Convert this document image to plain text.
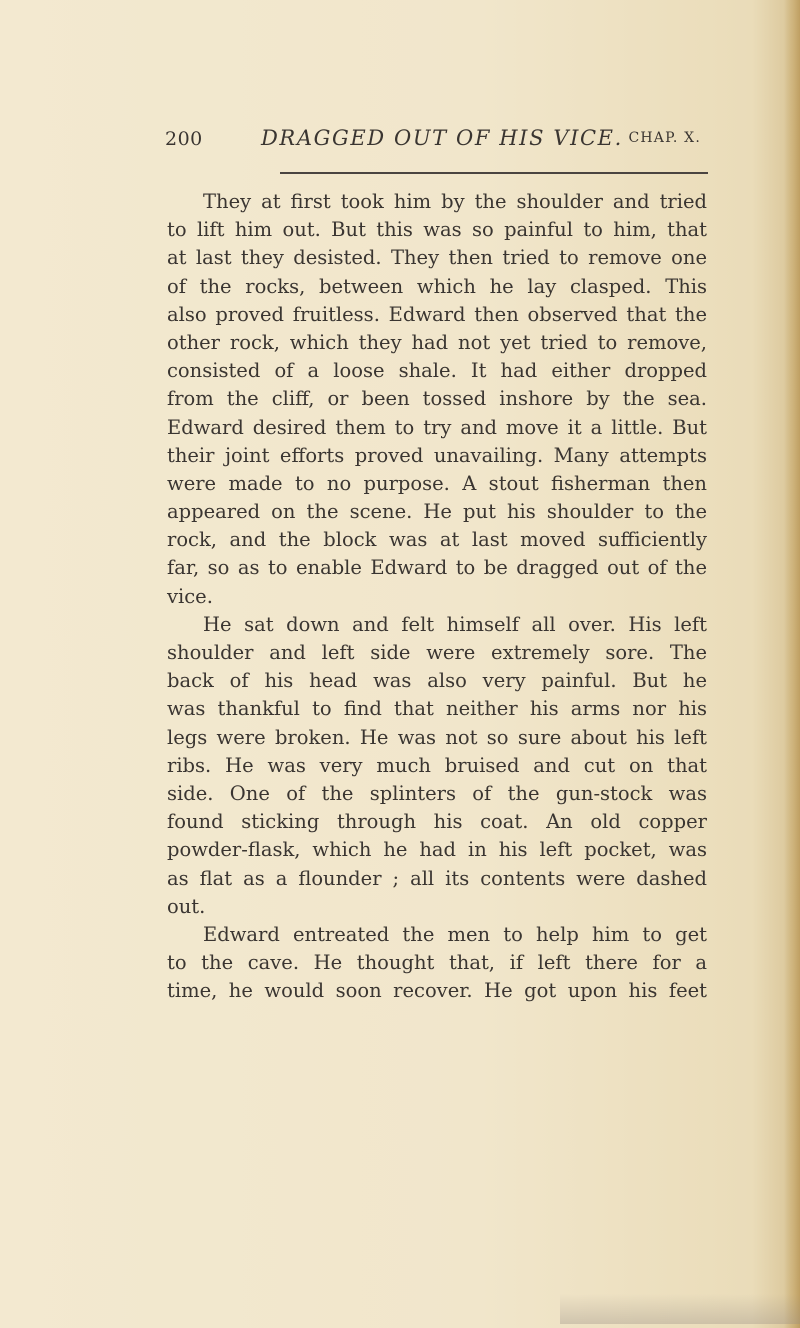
200	DRAGGED OUT OF HIS VICE. CHAP. X.
They at first took him by the shoulder and tried
to lift him out. But this was so painful to him, that
at last they desisted. They then tried to remove one
of the rocks, between which he lay clasped. This
also proved fruitless. Edward then observed that the
other rock, which they had not yet tried to remove,
consisted of a loose shale. It had either dropped
from the cliff, or been tossed inshore by the sea.
Edward desired them to try and move it a little. But
their joint efforts proved unavailing. Many attempts
were made to no purpose. A stout fisherman then
appeared on the scene. He put his shoulder to the
rock, and the block was at last moved sufficiently
far, so as to enable Edward to be dragged out of the
vice.
He sat down and felt himself all over. His left
shoulder and left side were extremely sore. The
back of his head was also very painful. But he
was thankful to find that neither his arms nor his
legs were broken. He was not so sure about his left
ribs. He was very much bruised and cut on that
side. One of the splinters of the gun-stock was
found sticking through his coat. An old copper
powder-flask, which he had in his left pocket, was
as flat as a flounder ; all its contents were dashed
out.
Edward entreated the men to help him to get
to the cave. He thought that, if left there for a
time, he would soon recover. He got upon his feet
